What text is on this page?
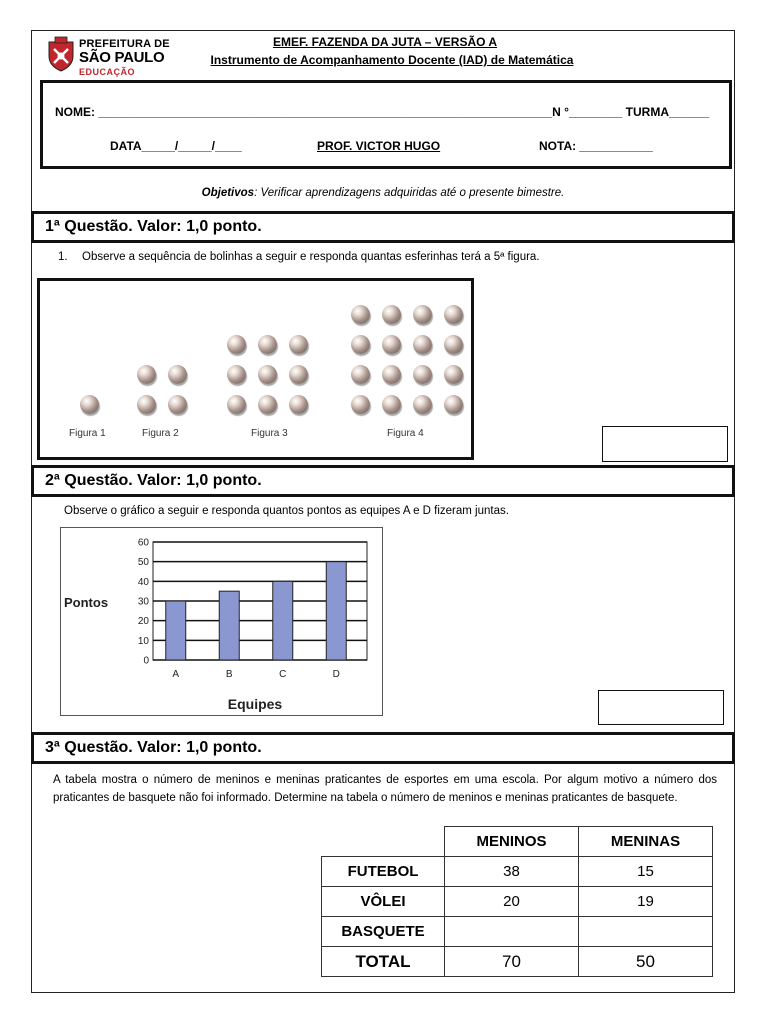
PREFEITURA DE
SÃO PAULO
EDUCAÇÃO
EMEF. FAZENDA DA JUTA – VERSÃO A
Instrumento de Acompanhamento Docente (IAD) de Matemática
NOME: ____________________________________________________________________N °________ TURMA______
DATA_____/_____/____	PROF. VICTOR HUGO	NOTA: ___________
Objetivos: Verificar aprendizagens adquiridas até o presente bimestre.
1ª Questão. Valor: 1,0 ponto.
1. Observe a sequência de bolinhas a seguir e responda quantas esferinhas terá a 5ª figura.
Figura 1	Figura 2	Figura 3	Figura 4
2ª Questão. Valor: 1,0 ponto.
Observe o gráfico a seguir e responda quantos pontos as equipes A e D fizeram juntas.
0
10
20
30
40
50
60
A	B	C	D
Pontos
Equipes
3ª Questão. Valor: 1,0 ponto.
A tabela mostra o número de meninos e meninas praticantes de esportes em uma escola. Por algum motivo a número dos praticantes de basquete não foi informado. Determine na tabela o número de meninos e meninas praticantes de basquete.
	MENINOS	MENINAS
FUTEBOL	38	15
VÔLEI	20	19
BASQUETE		
TOTAL	70	50
